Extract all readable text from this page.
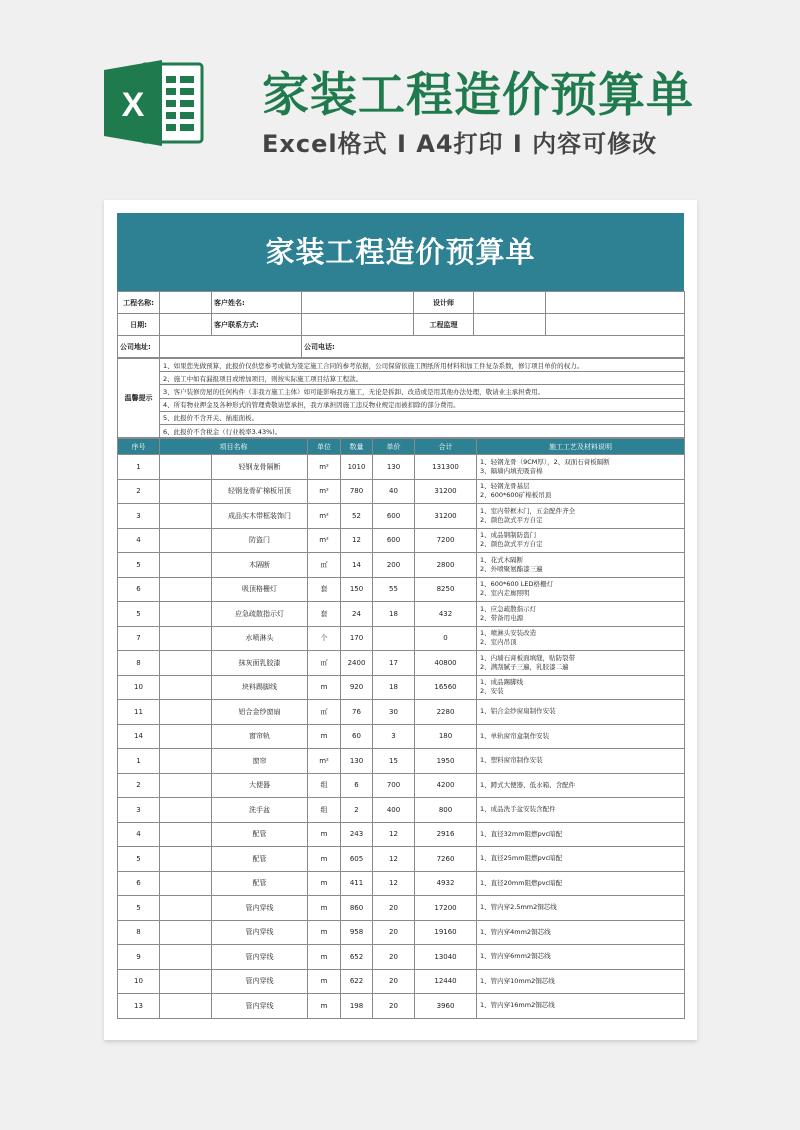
X	家装工程造价预算单
Excel格式 I A4打印 I 内容可修改
家装工程造价预算单
工程名称:		客户姓名:		设计师		
日期:		客户联系方式:		工程监理		
公司地址:			公司电话:			
温馨提示	1、如果您先做预算，此报价仅供您参考或做为签定施工合同的参考依据，公司保留依施工图纸所用材料和加工件复杂系数，修订项目单价的权力。
2、施工中如有漏报项目或增加项目，则按实际施工项目结算工程款。
3、客户装修房屋的任何构件（非我方施工主体）如可能影响我方施工，无论是拆卸、改造或是用其他办法处理，敬请业主承担费用。
4、所有物业押金及各种形式的管理费敬请您承担，我方承担因施工违反物业规定而被扣除的部分费用。
5、此报价不含开关、插座面板。
6、此报价不含税金（行业税率3.43%)。
序号	项目名称		单位	数量	单价	合计	施工工艺及材料说明
1		轻钢龙骨隔断	m²	1010	130	131300	1、轻钢龙骨（9CM厚），2、双面石膏板隔断
3、隔墙内填充吸音棉
2		轻钢龙骨矿棉板吊顶	m²	780	40	31200	1、轻钢龙骨基层
2、600*600矿棉板吊顶
3		成品实木带框装饰门	m²	52	600	31200	1、室内带框木门，五金配件齐全
2、颜色款式平方自定
4		防盗门	m²	12	600	7200	1、成品钢制防盗门
2、颜色款式平方自定
5		木隔断	㎡	14	200	2800	1、花式木隔断
2、外喷聚氨酯漆三遍
6		吸顶格栅灯	套	150	55	8250	1、600*600 LED格栅灯
2、室内走廊照明
5		应急疏散指示灯	套	24	18	432	1、应急疏散指示灯
2、带备用电源
7		水喷淋头	个	170		0	1、喷淋头安装改造
2、室内吊顶
8		抹灰面乳胶漆	㎡	2400	17	40800	1、内墙石膏板面填缝，贴防裂带
2、满刮腻子三遍，乳胶漆二遍
10		块料踢脚线	m	920	18	16560	1、成品踢脚线
2、安装
11		铝合金纱窗扇	㎡	76	30	2280	1、铝合金纱窗扇制作安装
14		窗帘轨	m	60	3	180	1、单轨窗帘盒制作安装
1		窗帘	m²	130	15	1950	1、塑料窗帘制作安装
2		大便器	组	6	700	4200	1、蹲式大便器、低水箱、含配件
3		洗手盆	组	2	400	800	1、成品洗手盆安装含配件
4		配管	m	243	12	2916	1、直径32mm阻燃pvc暗配
5		配管	m	605	12	7260	1、直径25mm阻燃pvc暗配
6		配管	m	411	12	4932	1、直径20mm阻燃pvc暗配
5		管内穿线	m	860	20	17200	1、管内穿2.5mm2铜芯线
8		管内穿线	m	958	20	19160	1、管内穿4mm2铜芯线
9		管内穿线	m	652	20	13040	1、管内穿6mm2铜芯线
10		管内穿线	m	622	20	12440	1、管内穿10mm2铜芯线
13		管内穿线	m	198	20	3960	1、管内穿16mm2铜芯线
